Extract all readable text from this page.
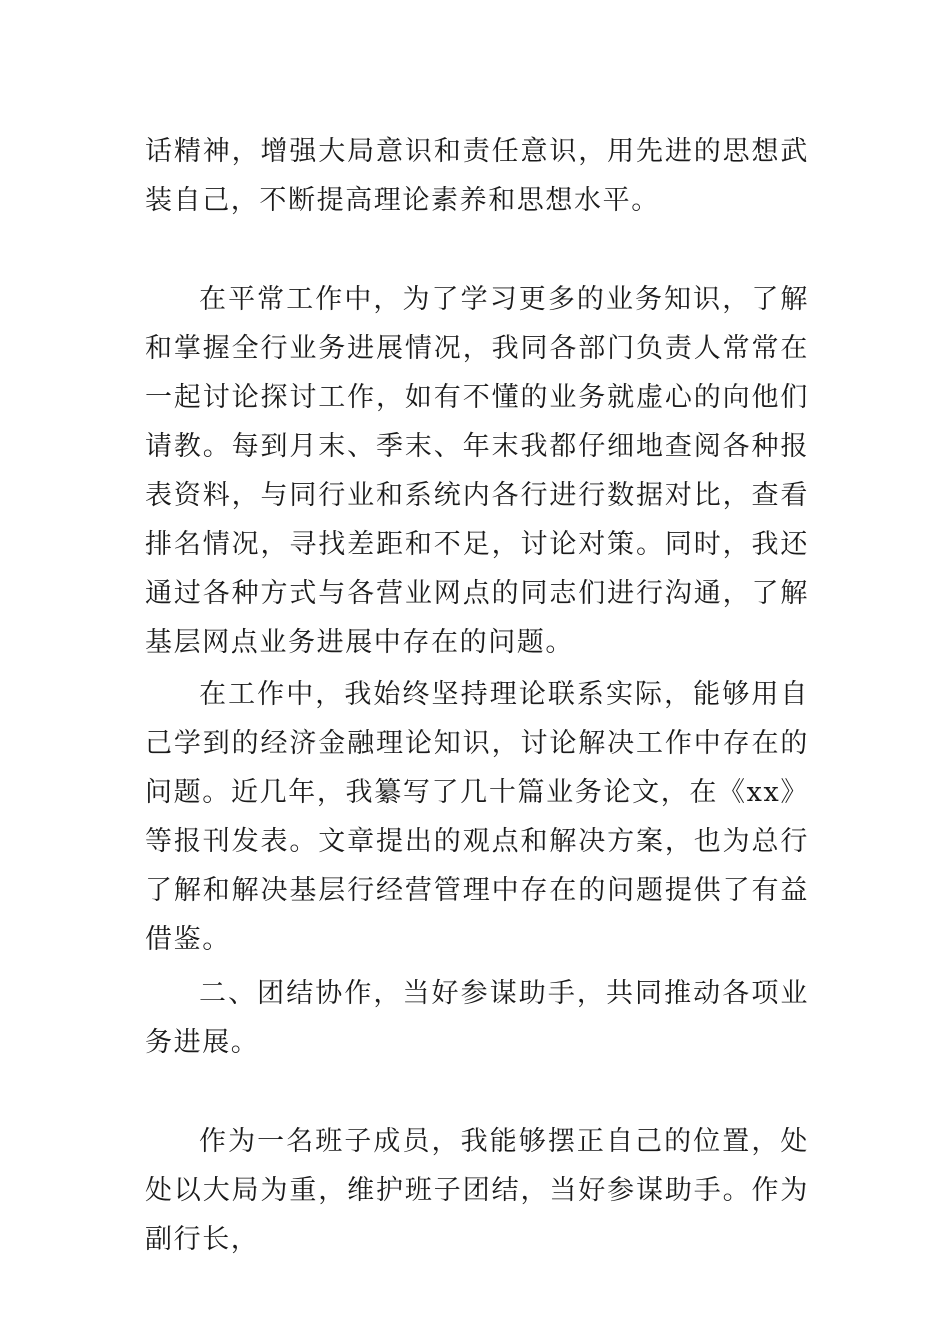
话精神，增强大局意识和责任意识，用先进的思想武装自己，不断提高理论素养和思想水平。

在平常工作中，为了学习更多的业务知识，了解和掌握全行业务进展情况，我同各部门负责人常常在一起讨论探讨工作，如有不懂的业务就虚心的向他们请教。每到月末、季末、年末我都仔细地查阅各种报表资料，与同行业和系统内各行进行数据对比，查看排名情况，寻找差距和不足，讨论对策。同时，我还通过各种方式与各营业网点的同志们进行沟通，了解基层网点业务进展中存在的问题。

在工作中，我始终坚持理论联系实际，能够用自己学到的经济金融理论知识，讨论解决工作中存在的问题。近几年，我纂写了几十篇业务论文，在《xx》等报刊发表。文章提出的观点和解决方案，也为总行了解和解决基层行经营管理中存在的问题提供了有益借鉴。

二、团结协作，当好参谋助手，共同推动各项业务进展。

作为一名班子成员，我能够摆正自己的位置，处处以大局为重，维护班子团结，当好参谋助手。作为副行长，
